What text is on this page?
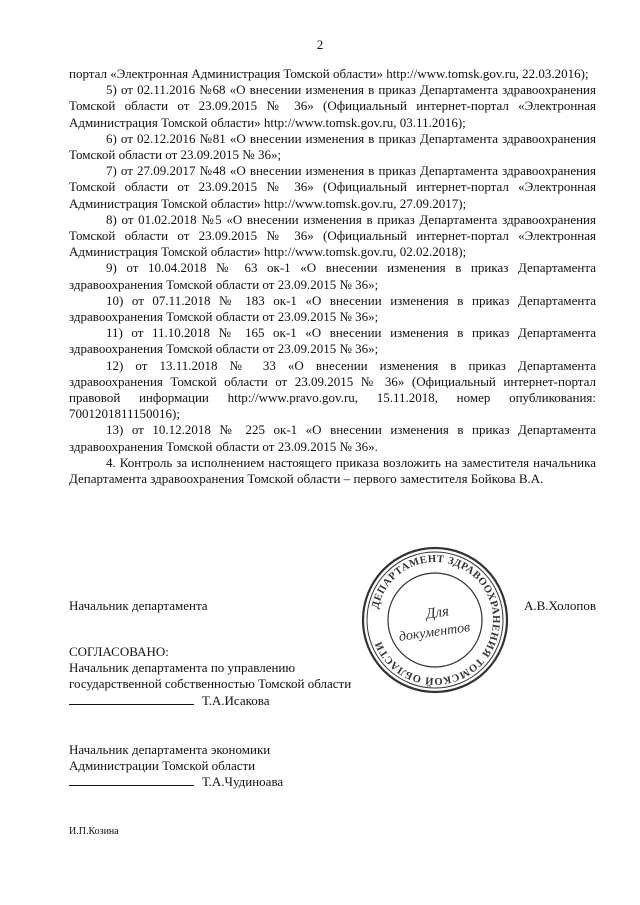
2

портал «Электронная Администрация Томской области» http://www.tomsk.gov.ru, 22.03.2016);

5) от 02.11.2016 №68 «О внесении изменения в приказ Департамента здравоохранения Томской области от 23.09.2015 № 36» (Официальный интернет-портал «Электронная Администрация Томской области» http://www.tomsk.gov.ru, 03.11.2016);

6) от 02.12.2016 №81 «О внесении изменения в приказ Департамента здравоохранения Томской области от 23.09.2015 № 36»;

7) от 27.09.2017 №48 «О внесении изменения в приказ Департамента здравоохранения Томской области от 23.09.2015 № 36» (Официальный интернет-портал «Электронная Администрация Томской области» http://www.tomsk.gov.ru, 27.09.2017);

8) от 01.02.2018 №5 «О внесении изменения в приказ Департамента здравоохранения Томской области от 23.09.2015 № 36» (Официальный интернет-портал «Электронная Администрация Томской области» http://www.tomsk.gov.ru, 02.02.2018);

9) от 10.04.2018 № 63 ок-1 «О внесении изменения в приказ Департамента здравоохранения Томской области от 23.09.2015 № 36»;

10) от 07.11.2018 № 183 ок-1 «О внесении изменения в приказ Департамента здравоохранения Томской области от 23.09.2015 № 36»;

11) от 11.10.2018 № 165 ок-1 «О внесении изменения в приказ Департамента здравоохранения Томской области от 23.09.2015 № 36»;

12) от 13.11.2018 № 33 «О внесении изменения в приказ Департамента здравоохранения Томской области от 23.09.2015 № 36» (Официальный интернет-портал правовой информации http://www.pravo.gov.ru, 15.11.2018, номер опубликования: 7001201811150016);

13) от 10.12.2018 № 225 ок-1 «О внесении изменения в приказ Департамента здравоохранения Томской области от 23.09.2015 № 36».

4. Контроль за исполнением настоящего приказа возложить на заместителя начальника Департамента здравоохранения Томской области – первого заместителя Бойкова В.А.

Начальник департамента	А.В.Холопов
ДЕПАРТАМЕНТ ЗДРАВООХРАНЕНИЯ ТОМСКОЙ ОБЛАСТИ
Для
документов
СОГЛАСОВАНО:
Начальник департамента по управлению
государственной собственностью Томской области
Т.А.Исакова
Начальник департамента экономики
Администрации Томской области
Т.А.Чудиноава
И.П.Козина
